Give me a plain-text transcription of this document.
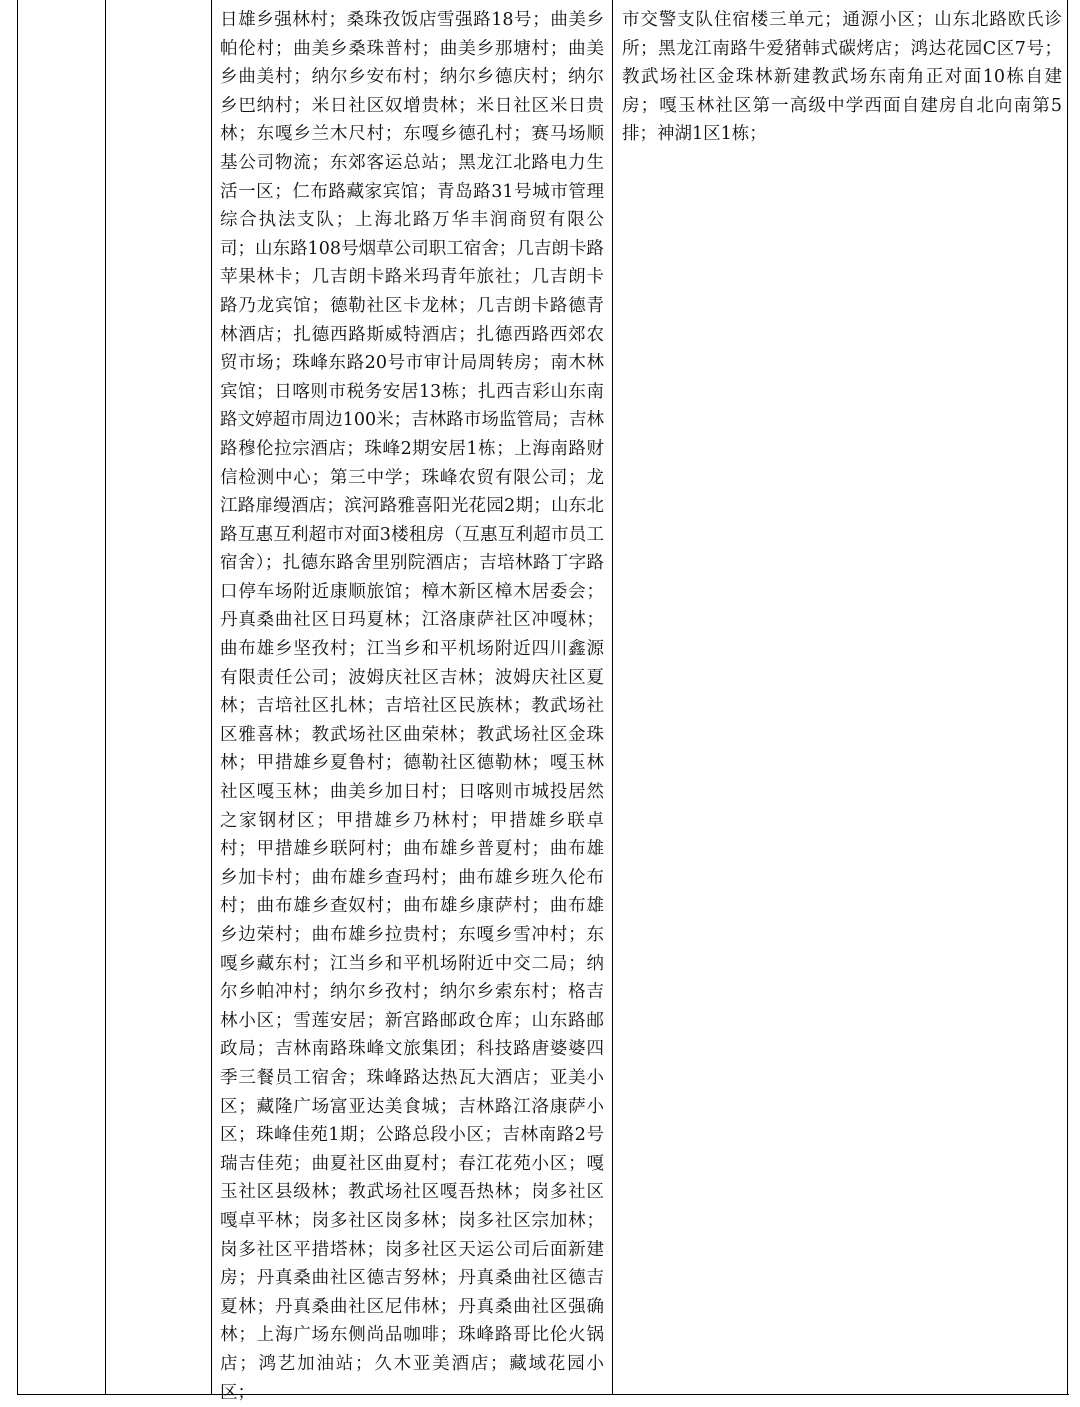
日雄乡强林村；桑珠孜饭店雪强路18号；曲美乡帕伦村；曲美乡桑珠普村；曲美乡那塘村；曲美乡曲美村；纳尔乡安布村；纳尔乡德庆村；纳尔乡巴纳村；米日社区奴增贵林；米日社区米日贵林；东嘎乡兰木尺村；东嘎乡德孔村；赛马场顺基公司物流；东郊客运总站；黑龙江北路电力生活一区；仁布路藏家宾馆；青岛路31号城市管理综合执法支队；上海北路万华丰润商贸有限公司；山东路108号烟草公司职工宿舍；几吉朗卡路苹果林卡；几吉朗卡路米玛青年旅社；几吉朗卡路乃龙宾馆；德勒社区卡龙林；几吉朗卡路德青林酒店；扎德西路斯威特酒店；扎德西路西郊农贸市场；珠峰东路20号市审计局周转房；南木林宾馆；日喀则市税务安居13栋；扎西吉彩山东南路文婷超市周边100米；吉林路市场监管局；吉林路穆伦拉宗酒店；珠峰2期安居1栋；上海南路财信检测中心；第三中学；珠峰农贸有限公司；龙江路扉缦酒店；滨河路雅喜阳光花园2期；山东北路互惠互利超市对面3楼租房（互惠互利超市员工宿舍）；扎德东路舍里别院酒店；吉培林路丁字路口停车场附近康顺旅馆；樟木新区樟木居委会；丹真桑曲社区日玛夏林；江洛康萨社区冲嘎林；曲布雄乡坚孜村；江当乡和平机场附近四川鑫源有限责任公司；波姆庆社区吉林；波姆庆社区夏林；吉培社区扎林；吉培社区民族林；教武场社区雅喜林；教武场社区曲荣林；教武场社区金珠林；甲措雄乡夏鲁村；德勒社区德勒林；嘎玉林社区嘎玉林；曲美乡加日村；日喀则市城投居然之家钢材区；甲措雄乡乃林村；甲措雄乡联卓村；甲措雄乡联阿村；曲布雄乡普夏村；曲布雄乡加卡村；曲布雄乡查玛村；曲布雄乡班久伦布村；曲布雄乡查奴村；曲布雄乡康萨村；曲布雄乡边荣村；曲布雄乡拉贵村；东嘎乡雪冲村；东嘎乡藏东村；江当乡和平机场附近中交二局；纳尔乡帕冲村；纳尔乡孜村；纳尔乡索东村；格吉林小区；雪莲安居；新宫路邮政仓库；山东路邮政局；吉林南路珠峰文旅集团；科技路唐婆婆四季三餐员工宿舍；珠峰路达热瓦大酒店；亚美小区；藏隆广场富亚达美食城；吉林路江洛康萨小区；珠峰佳苑1期；公路总段小区；吉林南路2号瑞吉佳苑；曲夏社区曲夏村；春江花苑小区；嘎玉社区县级林；教武场社区嘎吾热林；岗多社区嘎卓平林；岗多社区岗多林；岗多社区宗加林；岗多社区平措塔林；岗多社区天运公司后面新建房；丹真桑曲社区德吉努林；丹真桑曲社区德吉夏林；丹真桑曲社区尼伟林；丹真桑曲社区强确林；上海广场东侧尚品咖啡；珠峰路哥比伦火锅店；鸿艺加油站；久木亚美酒店；藏域花园小区；
市交警支队住宿楼三单元；通源小区；山东北路欧氏诊所；黑龙江南路牛爱猪韩式碳烤店；鸿达花园C区7号；教武场社区金珠林新建教武场东南角正对面10栋自建房；嘎玉林社区第一高级中学西面自建房自北向南第5排；神湖1区1栋；
